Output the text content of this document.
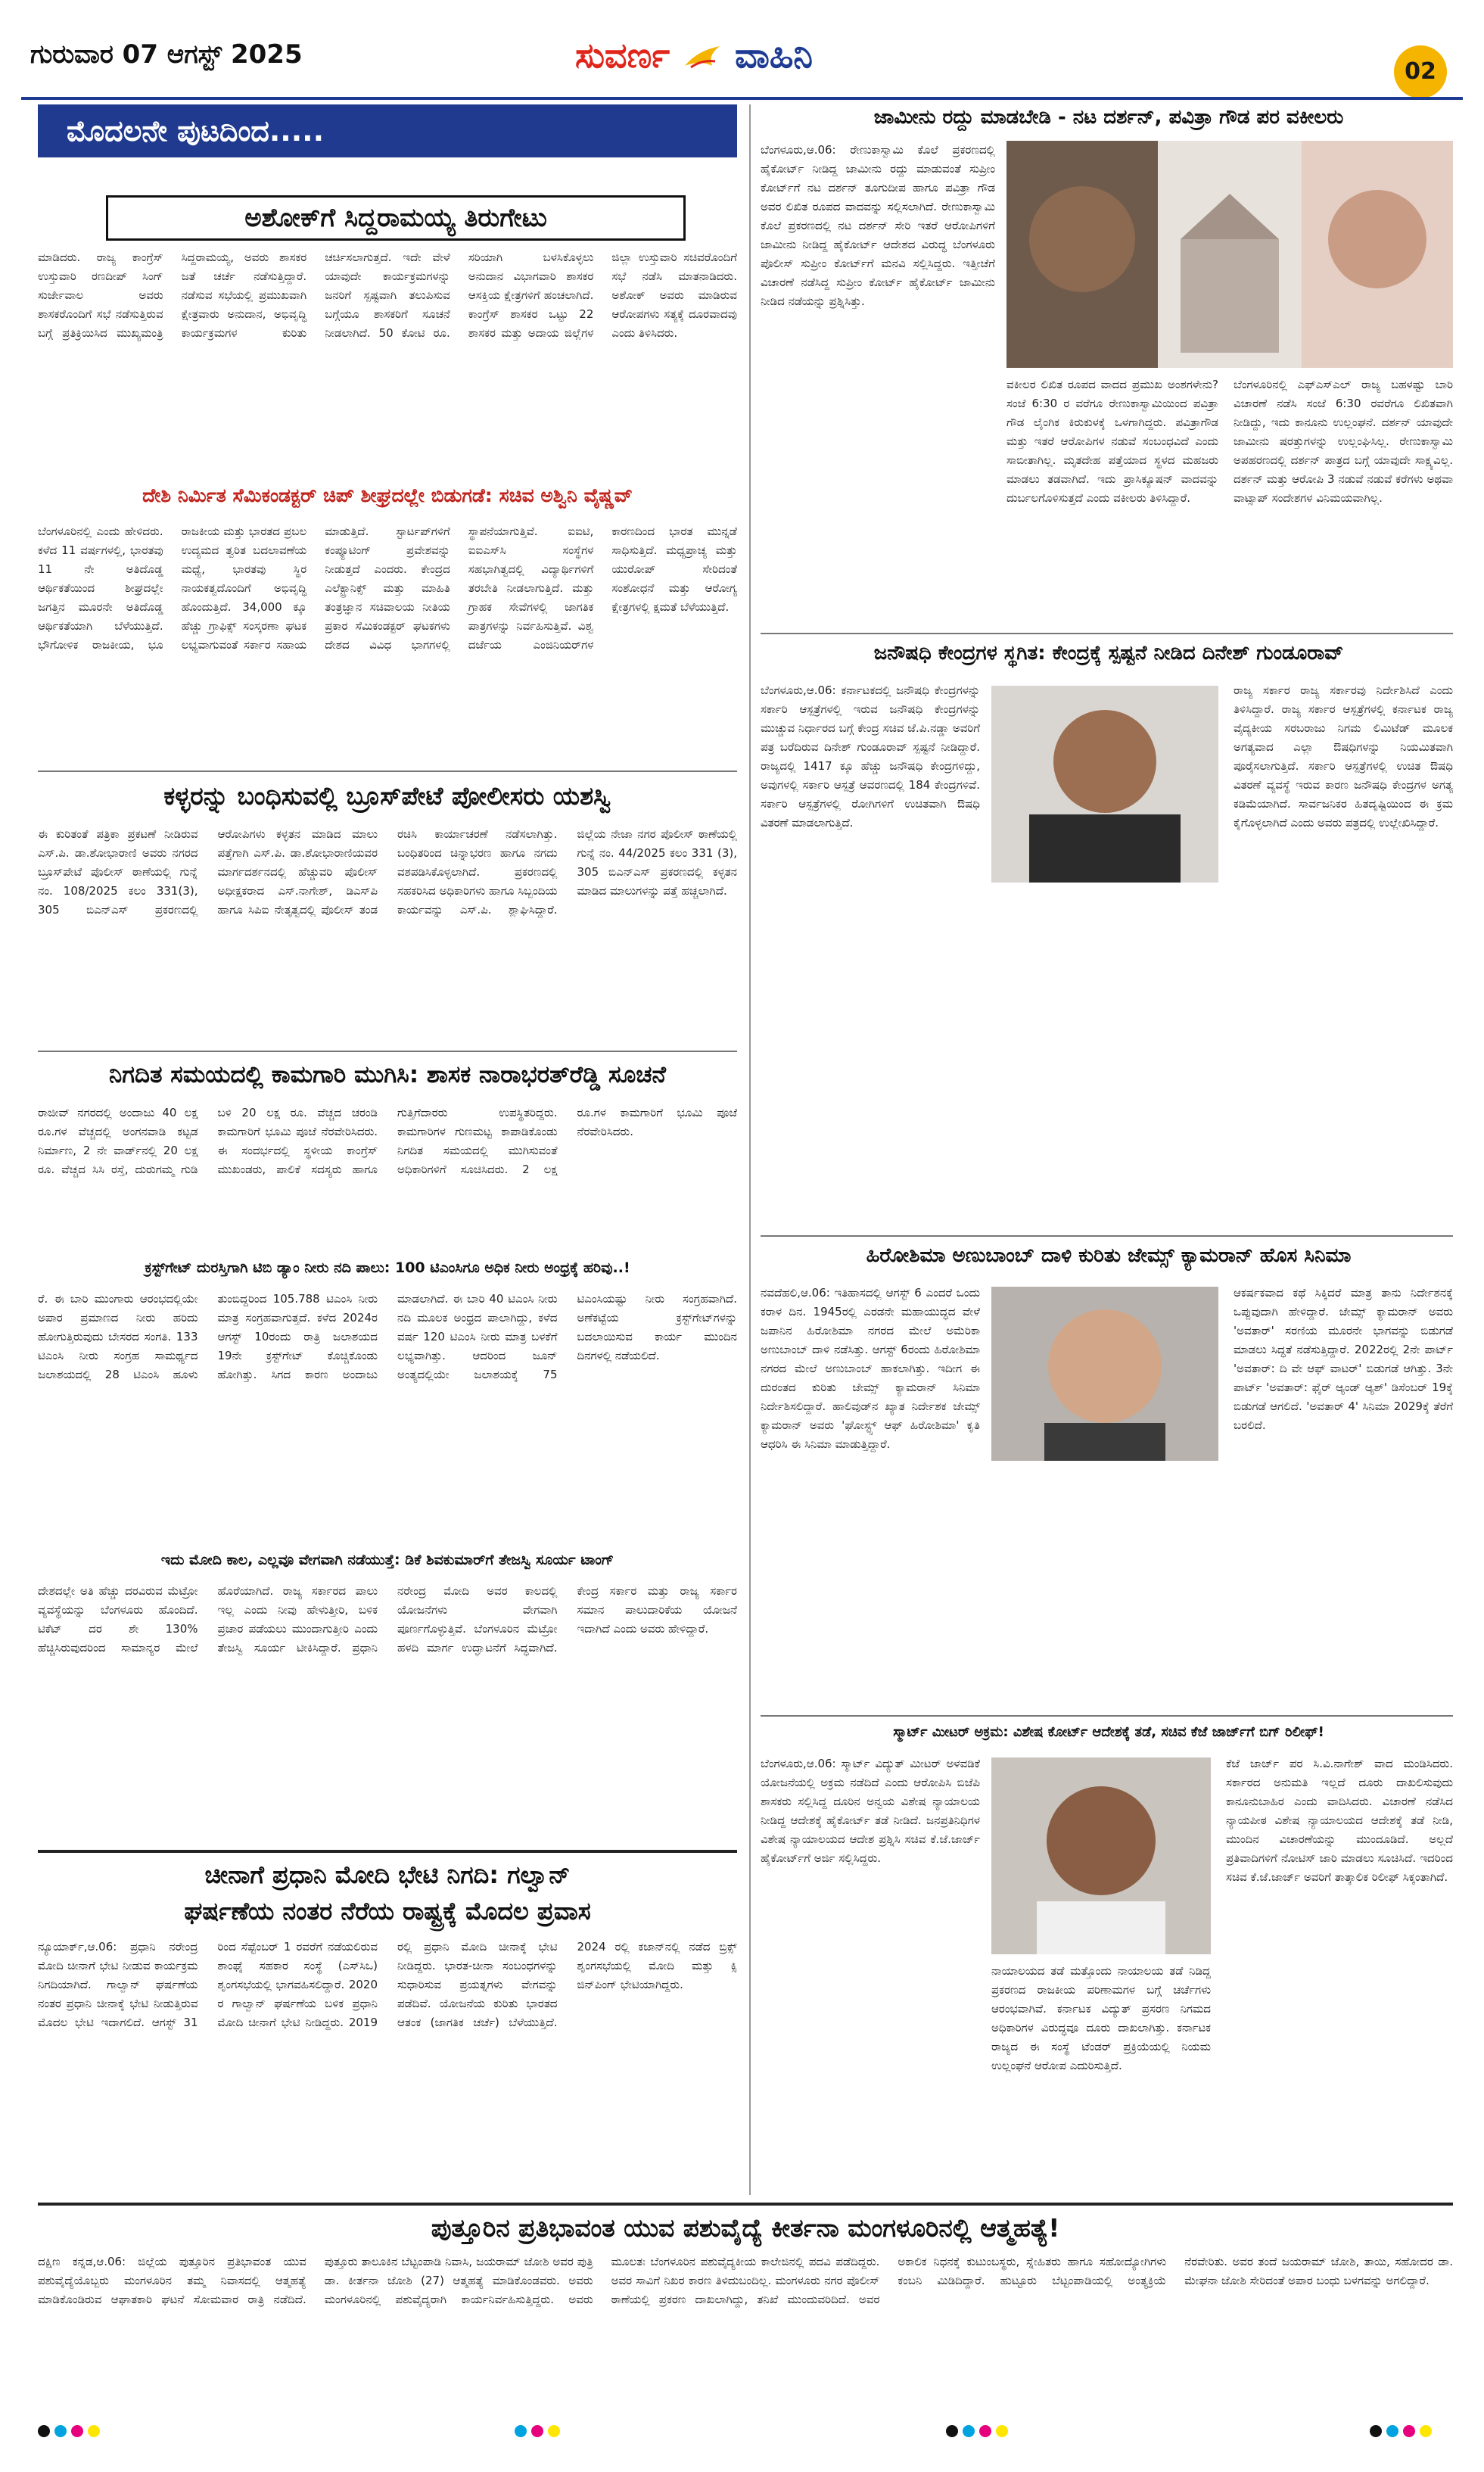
ಗುರುವಾರ 07 ಆಗಸ್ಟ್ 2025	ಸುವರ್ಣ ವಾಹಿನಿ	02
ಮೊದಲನೇ ಪುಟದಿಂದ.....
ಅಶೋಕ್‌ಗೆ ಸಿದ್ದರಾಮಯ್ಯ ತಿರುಗೇಟು
ಮಾಡಿದರು. ರಾಜ್ಯ ಕಾಂಗ್ರೆಸ್ ಉಸ್ತುವಾರಿ ರಣದೀಪ್ ಸಿಂಗ್ ಸುರ್ಜೇವಾಲ ಅವರು ಶಾಸಕರೊಂದಿಗೆ ಸಭೆ ನಡೆಸುತ್ತಿರುವ ಬಗ್ಗೆ ಪ್ರತಿಕ್ರಿಯಿಸಿದ ಮುಖ್ಯಮಂತ್ರಿ ಸಿದ್ದರಾಮಯ್ಯ, ಅವರು ಶಾಸಕರ ಜತೆ ಚರ್ಚೆ ನಡೆಸುತ್ತಿದ್ದಾರೆ. ನಡೆಸುವ ಸಭೆಯಲ್ಲಿ ಪ್ರಮುಖವಾಗಿ ಕ್ಷೇತ್ರವಾರು ಅನುದಾನ, ಅಭಿವೃದ್ಧಿ ಕಾರ್ಯಕ್ರಮಗಳ ಕುರಿತು ಚರ್ಚಿಸಲಾಗುತ್ತದೆ. ಇದೇ ವೇಳೆ ಯಾವುದೇ ಕಾರ್ಯಕ್ರಮಗಳನ್ನು ಜನರಿಗೆ ಸ್ಪಷ್ಟವಾಗಿ ತಲುಪಿಸುವ ಬಗ್ಗೆಯೂ ಶಾಸಕರಿಗೆ ಸೂಚನೆ ನೀಡಲಾಗಿದೆ. 50 ಕೋಟಿ ರೂ. ಸರಿಯಾಗಿ ಬಳಸಿಕೊಳ್ಳಲು ಅನುದಾನ ವಿಭಾಗವಾರಿ ಶಾಸಕರ ಆಸಕ್ತಿಯ ಕ್ಷೇತ್ರಗಳಿಗೆ ಹಂಚಲಾಗಿದೆ. ಕಾಂಗ್ರೆಸ್ ಶಾಸಕರ ಒಟ್ಟು 22 ಶಾಸಕರ ಮತ್ತು ಅದಾಯ ಜಿಲ್ಲೆಗಳ ಜಿಲ್ಲಾ ಉಸ್ತುವಾರಿ ಸಚಿವರೊಂದಿಗೆ ಸಭೆ ನಡೆಸಿ ಮಾತನಾಡಿದರು. ಅಶೋಕ್ ಅವರು ಮಾಡಿರುವ ಆರೋಪಗಳು ಸತ್ಯಕ್ಕೆ ದೂರವಾದವು ಎಂದು ತಿಳಿಸಿದರು.
ದೇಶಿ ನಿರ್ಮಿತ ಸೆಮಿಕಂಡಕ್ಟರ್ ಚಿಪ್ ಶೀಘ್ರದಲ್ಲೇ ಬಿಡುಗಡೆ: ಸಚಿವ ಅಶ್ವಿನಿ ವೈಷ್ಣವ್
ಬೆಂಗಳೂರಿನಲ್ಲಿ ಎಂದು ಹೇಳಿದರು. ಕಳೆದ 11 ವರ್ಷಗಳಲ್ಲಿ, ಭಾರತವು 11 ನೇ ಅತಿದೊಡ್ಡ ಆರ್ಥಿಕತೆಯಿಂದ ಶೀಘ್ರದಲ್ಲೇ ಜಗತ್ತಿನ ಮೂರನೇ ಅತಿದೊಡ್ಡ ಆರ್ಥಿಕತೆಯಾಗಿ ಬೆಳೆಯುತ್ತಿದೆ. ಭೌಗೋಳಿಕ ರಾಜಕೀಯ, ಭೂ ರಾಜಕೀಯ ಮತ್ತು ಭಾರತದ ಪ್ರಬಲ ಉದ್ಯಮದ ತ್ವರಿತ ಬದಲಾವಣೆಯ ಮಧ್ಯೆ, ಭಾರತವು ಸ್ಥಿರ ನಾಯಕತ್ವದೊಂದಿಗೆ ಅಭಿವೃದ್ಧಿ ಹೊಂದುತ್ತಿದೆ. 34,000 ಕ್ಕೂ ಹೆಚ್ಚು ಗ್ರಾಫಿಕ್ಸ್ ಸಂಸ್ಕರಣಾ ಘಟಕ ಲಭ್ಯವಾಗುವಂತೆ ಸರ್ಕಾರ ಸಹಾಯ ಮಾಡುತ್ತಿದೆ. ಸ್ಟಾರ್ಟಪ್‌ಗಳಿಗೆ ಕಂಪ್ಯೂಟಿಂಗ್ ಪ್ರವೇಶವನ್ನು ನೀಡುತ್ತದೆ ಎಂದರು. ಕೇಂದ್ರದ ಎಲೆಕ್ಟ್ರಾನಿಕ್ಸ್ ಮತ್ತು ಮಾಹಿತಿ ತಂತ್ರಜ್ಞಾನ ಸಚಿವಾಲಯ ನೀತಿಯ ಪ್ರಕಾರ ಸೆಮಿಕಂಡಕ್ಟರ್ ಘಟಕಗಳು ದೇಶದ ವಿವಿಧ ಭಾಗಗಳಲ್ಲಿ ಸ್ಥಾಪನೆಯಾಗುತ್ತಿವೆ. ಐಐಟಿ, ಐಐಎಸ್‌ಸಿ ಸಂಸ್ಥೆಗಳ ಸಹಭಾಗಿತ್ವದಲ್ಲಿ ವಿದ್ಯಾರ್ಥಿಗಳಿಗೆ ತರಬೇತಿ ನೀಡಲಾಗುತ್ತಿದೆ. ಮತ್ತು ಗ್ರಾಹಕ ಸೇವೆಗಳಲ್ಲಿ ಜಾಗತಿಕ ಪಾತ್ರಗಳನ್ನು ನಿರ್ವಹಿಸುತ್ತಿವೆ. ವಿಶ್ವ ದರ್ಜೆಯ ಎಂಜಿನಿಯರ್‌ಗಳ ಕಾರಣದಿಂದ ಭಾರತ ಮುನ್ನಡೆ ಸಾಧಿಸುತ್ತಿದೆ. ಮಧ್ಯಪ್ರಾಚ್ಯ ಮತ್ತು ಯುರೋಪ್ ಸೇರಿದಂತೆ ಸಂಶೋಧನೆ ಮತ್ತು ಆರೋಗ್ಯ ಕ್ಷೇತ್ರಗಳಲ್ಲಿ ಕ್ಷಮತೆ ಬೆಳೆಯುತ್ತಿದೆ.
ಕಳ್ಳರನ್ನು ಬಂಧಿಸುವಲ್ಲಿ ಬ್ರೂಸ್‌ಪೇಟೆ ಪೋಲೀಸರು ಯಶಸ್ವಿ
ಈ ಕುರಿತಂತೆ ಪತ್ರಿಕಾ ಪ್ರಕಟಣೆ ನೀಡಿರುವ ಎಸ್.ಪಿ. ಡಾ.ಶೋಭಾರಾಣಿ ಅವರು ನಗರದ ಬ್ರೂಸ್‌ಪೇಟೆ ಪೊಲೀಸ್ ಠಾಣೆಯಲ್ಲಿ ಗುನ್ನೆ ನಂ. 108/2025 ಕಲಂ 331(3), 305 ಬಿಎನ್ಎಸ್ ಪ್ರಕರಣದಲ್ಲಿ ಆರೋಪಿಗಳು ಕಳ್ಳತನ ಮಾಡಿದ ಮಾಲು ಪತ್ತೆಗಾಗಿ ಎಸ್.ಪಿ. ಡಾ.ಶೋಭಾರಾಣಿಯವರ ಮಾರ್ಗದರ್ಶನದಲ್ಲಿ ಹೆಚ್ಚುವರಿ ಪೊಲೀಸ್ ಅಧೀಕ್ಷಕರಾದ ಎಸ್.ನಾಗೇಶ್, ಡಿಎಸ್‌ಪಿ ಹಾಗೂ ಸಿಪಿಐ ನೇತೃತ್ವದಲ್ಲಿ ಪೊಲೀಸ್ ತಂಡ ರಚಿಸಿ ಕಾರ್ಯಾಚರಣೆ ನಡೆಸಲಾಗಿತ್ತು. ಬಂಧಿತರಿಂದ ಚಿನ್ನಾಭರಣ ಹಾಗೂ ನಗದು ವಶಪಡಿಸಿಕೊಳ್ಳಲಾಗಿದೆ. ಪ್ರಕರಣದಲ್ಲಿ ಸಹಕರಿಸಿದ ಅಧಿಕಾರಿಗಳು ಹಾಗೂ ಸಿಬ್ಬಂದಿಯ ಕಾರ್ಯವನ್ನು ಎಸ್.ಪಿ. ಶ್ಲಾಘಿಸಿದ್ದಾರೆ. ಜಿಲ್ಲೆಯ ನೇಜಾ ನಗರ ಪೊಲೀಸ್ ಠಾಣೆಯಲ್ಲಿ ಗುನ್ನೆ ನಂ. 44/2025 ಕಲಂ 331 (3), 305 ಬಿಎನ್ಎಸ್ ಪ್ರಕರಣದಲ್ಲಿ ಕಳ್ಳತನ ಮಾಡಿದ ಮಾಲುಗಳನ್ನು ಪತ್ತೆ ಹಚ್ಚಲಾಗಿದೆ.
ನಿಗದಿತ ಸಮಯದಲ್ಲಿ ಕಾಮಗಾರಿ ಮುಗಿಸಿ: ಶಾಸಕ ನಾರಾಭರತ್‌ರೆಡ್ಡಿ ಸೂಚನೆ
ರಾಜೀವ್ ನಗರದಲ್ಲಿ ಅಂದಾಜು 40 ಲಕ್ಷ ರೂ.ಗಳ ವೆಚ್ಚದಲ್ಲಿ ಅಂಗನವಾಡಿ ಕಟ್ಟಡ ನಿರ್ಮಾಣ, 2 ನೇ ವಾರ್ಡ್‌ನಲ್ಲಿ 20 ಲಕ್ಷ ರೂ. ವೆಚ್ಚದ ಸಿಸಿ ರಸ್ತೆ, ದುರುಗಮ್ಮ ಗುಡಿ ಬಳಿ 20 ಲಕ್ಷ ರೂ. ವೆಚ್ಚದ ಚರಂಡಿ ಕಾಮಗಾರಿಗೆ ಭೂಮಿ ಪೂಜೆ ನೆರವೇರಿಸಿದರು. ಈ ಸಂದರ್ಭದಲ್ಲಿ ಸ್ಥಳೀಯ ಕಾಂಗ್ರೆಸ್ ಮುಖಂಡರು, ಪಾಲಿಕೆ ಸದಸ್ಯರು ಹಾಗೂ ಗುತ್ತಿಗೆದಾರರು ಉಪಸ್ಥಿತರಿದ್ದರು. ಕಾಮಗಾರಿಗಳ ಗುಣಮಟ್ಟ ಕಾಪಾಡಿಕೊಂಡು ನಿಗದಿತ ಸಮಯದಲ್ಲಿ ಮುಗಿಸುವಂತೆ ಅಧಿಕಾರಿಗಳಿಗೆ ಸೂಚಿಸಿದರು. 2 ಲಕ್ಷ ರೂ.ಗಳ ಕಾಮಗಾರಿಗೆ ಭೂಮಿ ಪೂಜೆ ನೆರವೇರಿಸಿದರು.
ಕ್ರಸ್ಟ್‌ಗೇಟ್ ದುರಸ್ತಿಗಾಗಿ ಟಿಬಿ ಡ್ಯಾಂ ನೀರು ನದಿ ಪಾಲು: 100 ಟಿಎಂಸಿಗೂ ಅಧಿಕ ನೀರು ಅಂಧ್ರಕ್ಕೆ ಹರಿವು..!
ರೆ. ಈ ಬಾರಿ ಮುಂಗಾರು ಆರಂಭದಲ್ಲಿಯೇ ಅಪಾರ ಪ್ರಮಾಣದ ನೀರು ಹರಿದು ಹೋಗುತ್ತಿರುವುದು ಬೇಸರದ ಸಂಗತಿ. 133 ಟಿಎಂಸಿ ನೀರು ಸಂಗ್ರಹ ಸಾಮರ್ಥ್ಯದ ಜಲಾಶಯದಲ್ಲಿ 28 ಟಿಎಂಸಿ ಹೂಳು ತುಂಬಿದ್ದರಿಂದ 105.788 ಟಿಎಂಸಿ ನೀರು ಮಾತ್ರ ಸಂಗ್ರಹವಾಗುತ್ತದೆ. ಕಳೆದ 2024ರ ಆಗಸ್ಟ್ 10ರಂದು ರಾತ್ರಿ ಜಲಾಶಯದ 19ನೇ ಕ್ರಸ್ಟ್‌ಗೇಟ್ ಕೊಚ್ಚಿಕೊಂಡು ಹೋಗಿತ್ತು. ಸಿಗದ ಕಾರಣ ಅಂದಾಜು ಮಾಡಲಾಗಿದೆ. ಈ ಬಾರಿ 40 ಟಿಎಂಸಿ ನೀರು ನದಿ ಮೂಲಕ ಅಂಧ್ರದ ಪಾಲಾಗಿದ್ದು, ಕಳೆದ ವರ್ಷ 120 ಟಿಎಂಸಿ ನೀರು ಮಾತ್ರ ಬಳಕೆಗೆ ಲಭ್ಯವಾಗಿತ್ತು. ಆದರಿಂದ ಜೂನ್ ಅಂತ್ಯದಲ್ಲಿಯೇ ಜಲಾಶಯಕ್ಕೆ 75 ಟಿಎಂಸಿಯಷ್ಟು ನೀರು ಸಂಗ್ರಹವಾಗಿದೆ. ಅಣೆಕಟ್ಟೆಯ ಕ್ರಸ್ಟ್‌ಗೇಟ್‌ಗಳನ್ನು ಬದಲಾಯಿಸುವ ಕಾರ್ಯ ಮುಂದಿನ ದಿನಗಳಲ್ಲಿ ನಡೆಯಲಿದೆ.
ಇದು ಮೋದಿ ಕಾಲ, ಎಲ್ಲವೂ ವೇಗವಾಗಿ ನಡೆಯುತ್ತೆ: ಡಿಕೆ ಶಿವಕುಮಾರ್‌ಗೆ ತೇಜಸ್ವಿ ಸೂರ್ಯ ಟಾಂಗ್
ದೇಶದಲ್ಲೇ ಅತಿ ಹೆಚ್ಚು ದರವಿರುವ ಮೆಟ್ರೋ ವ್ಯವಸ್ಥೆಯನ್ನು ಬೆಂಗಳೂರು ಹೊಂದಿದೆ. ಟಿಕೆಟ್ ದರ ಶೇ 130% ಹೆಚ್ಚಿಸಿರುವುದರಿಂದ ಸಾಮಾನ್ಯರ ಮೇಲೆ ಹೊರೆಯಾಗಿದೆ. ರಾಜ್ಯ ಸರ್ಕಾರದ ಪಾಲು ಇಲ್ಲ ಎಂದು ನೀವು ಹೇಳುತ್ತೀರಿ, ಬಳಿಕ ಪ್ರಚಾರ ಪಡೆಯಲು ಮುಂದಾಗುತ್ತೀರಿ ಎಂದು ತೇಜಸ್ವಿ ಸೂರ್ಯ ಟೀಕಿಸಿದ್ದಾರೆ. ಪ್ರಧಾನಿ ನರೇಂದ್ರ ಮೋದಿ ಅವರ ಕಾಲದಲ್ಲಿ ಯೋಜನೆಗಳು ವೇಗವಾಗಿ ಪೂರ್ಣಗೊಳ್ಳುತ್ತಿವೆ. ಬೆಂಗಳೂರಿನ ಮೆಟ್ರೋ ಹಳದಿ ಮಾರ್ಗ ಉದ್ಘಾಟನೆಗೆ ಸಿದ್ಧವಾಗಿದೆ. ಕೇಂದ್ರ ಸರ್ಕಾರ ಮತ್ತು ರಾಜ್ಯ ಸರ್ಕಾರ ಸಮಾನ ಪಾಲುದಾರಿಕೆಯ ಯೋಜನೆ ಇದಾಗಿದೆ ಎಂದು ಅವರು ಹೇಳಿದ್ದಾರೆ.
ಚೀನಾಗೆ ಪ್ರಧಾನಿ ಮೋದಿ ಭೇಟಿ ನಿಗದಿ: ಗಲ್ವಾನ್
ಘರ್ಷಣೆಯ ನಂತರ ನೆರೆಯ ರಾಷ್ಟ್ರಕ್ಕೆ ಮೊದಲ ಪ್ರವಾಸ
ನ್ಯೂಯಾರ್ಕ್,ಆ.06: ಪ್ರಧಾನಿ ನರೇಂದ್ರ ಮೋದಿ ಚೀನಾಗೆ ಭೇಟಿ ನೀಡುವ ಕಾರ್ಯಕ್ರಮ ನಿಗದಿಯಾಗಿದೆ. ಗಾಲ್ವಾನ್ ಘರ್ಷಣೆಯ ನಂತರ ಪ್ರಧಾನಿ ಚೀನಾಕ್ಕೆ ಭೇಟಿ ನೀಡುತ್ತಿರುವ ಮೊದಲ ಭೇಟಿ ಇದಾಗಲಿದೆ. ಆಗಸ್ಟ್ 31 ರಿಂದ ಸೆಪ್ಟೆಂಬರ್ 1 ರವರೆಗೆ ನಡೆಯಲಿರುವ ಶಾಂಘೈ ಸಹಕಾರ ಸಂಸ್ಥೆ (ಎಸ್‌ಸಿಒ) ಶೃಂಗಸಭೆಯಲ್ಲಿ ಭಾಗವಹಿಸಲಿದ್ದಾರೆ. 2020 ರ ಗಾಲ್ವಾನ್ ಘರ್ಷಣೆಯ ಬಳಿಕ ಪ್ರಧಾನಿ ಮೋದಿ ಚೀನಾಗೆ ಭೇಟಿ ನೀಡಿದ್ದರು. 2019 ರಲ್ಲಿ ಪ್ರಧಾನಿ ಮೋದಿ ಚೀನಾಕ್ಕೆ ಭೇಟಿ ನೀಡಿದ್ದರು. ಭಾರತ-ಚೀನಾ ಸಂಬಂಧಗಳನ್ನು ಸುಧಾರಿಸುವ ಪ್ರಯತ್ನಗಳು ವೇಗವನ್ನು ಪಡೆದಿವೆ. ಯೋಜನೆಯ ಕುರಿತು ಭಾರತದ ಆತಂಕ (ಜಾಗತಿಕ ಚರ್ಚೆ) ಬೆಳೆಯುತ್ತಿದೆ. 2024 ರಲ್ಲಿ ಕಜಾನ್‌ನಲ್ಲಿ ನಡೆದ ಬ್ರಿಕ್ಸ್ ಶೃಂಗಸಭೆಯಲ್ಲಿ ಮೋದಿ ಮತ್ತು ಕ್ಸಿ ಜಿನ್‌ಪಿಂಗ್ ಭೇಟಿಯಾಗಿದ್ದರು.
ಜಾಮೀನು ರದ್ದು ಮಾಡಬೇಡಿ - ನಟ ದರ್ಶನ್, ಪವಿತ್ರಾ ಗೌಡ ಪರ ವಕೀಲರು
ಬೆಂಗಳೂರು,ಆ.06: ರೇಣುಕಾಸ್ವಾಮಿ ಕೊಲೆ ಪ್ರಕರಣದಲ್ಲಿ ಹೈಕೋರ್ಟ್ ನೀಡಿದ್ದ ಜಾಮೀನು ರದ್ದು ಮಾಡುವಂತೆ ಸುಪ್ರೀಂ ಕೋರ್ಟ್‌ಗೆ ನಟ ದರ್ಶನ್ ತೂಗುದೀಪ ಹಾಗೂ ಪವಿತ್ರಾ ಗೌಡ ಅವರ ಲಿಖಿತ ರೂಪದ ವಾದವನ್ನು ಸಲ್ಲಿಸಲಾಗಿದೆ. ರೇಣುಕಾಸ್ವಾಮಿ ಕೊಲೆ ಪ್ರಕರಣದಲ್ಲಿ ನಟ ದರ್ಶನ್ ಸೇರಿ ಇತರೆ ಆರೋಪಿಗಳಿಗೆ ಜಾಮೀನು ನೀಡಿದ್ದ ಹೈಕೋರ್ಟ್ ಆದೇಶದ ವಿರುದ್ಧ ಬೆಂಗಳೂರು ಪೊಲೀಸ್ ಸುಪ್ರೀಂ ಕೋರ್ಟ್‌ಗೆ ಮನವಿ ಸಲ್ಲಿಸಿದ್ದರು. ಇತ್ತೀಚೆಗೆ ವಿಚಾರಣೆ ನಡೆಸಿದ್ದ ಸುಪ್ರೀಂ ಕೋರ್ಟ್ ಹೈಕೋರ್ಟ್ ಜಾಮೀನು ನೀಡಿದ ನಡೆಯನ್ನು ಪ್ರಶ್ನಿಸಿತ್ತು.
ವಕೀಲರ ಲಿಖಿತ ರೂಪದ ವಾದದ ಪ್ರಮುಖ ಅಂಶಗಳೇನು? ಸಂಜೆ 6:30 ರ ವರೆಗೂ ರೇಣುಕಾಸ್ವಾಮಿಯಿಂದ ಪವಿತ್ರಾ ಗೌಡ ಲೈಂಗಿಕ ಕಿರುಕುಳಕ್ಕೆ ಒಳಗಾಗಿದ್ದರು. ಪವಿತ್ರಾಗೌಡ ಮತ್ತು ಇತರೆ ಆರೋಪಿಗಳ ನಡುವೆ ಸಂಬಂಧವಿದೆ ಎಂದು ಸಾಬೀತಾಗಿಲ್ಲ. ಮೃತದೇಹ ಪತ್ತೆಯಾದ ಸ್ಥಳದ ಮಹಜರು ಮಾಡಲು ತಡವಾಗಿದೆ. ಇದು ಪ್ರಾಸಿಕ್ಯೂಷನ್ ವಾದವನ್ನು ದುರ್ಬಲಗೊಳಿಸುತ್ತದೆ ಎಂದು ವಕೀಲರು ತಿಳಿಸಿದ್ದಾರೆ.
ಬೆಂಗಳೂರಿನಲ್ಲಿ ಎಫ್‌ಎಸ್‌ಎಲ್ ರಾಜ್ಯ ಬಹಳಷ್ಟು ಬಾರಿ ವಿಚಾರಣೆ ನಡೆಸಿ ಸಂಜೆ 6:30 ರವರೆಗೂ ಲಿಖಿತವಾಗಿ ನೀಡಿದ್ದು, ಇದು ಕಾನೂನು ಉಲ್ಲಂಘನೆ. ದರ್ಶನ್ ಯಾವುದೇ ಜಾಮೀನು ಷರತ್ತುಗಳನ್ನು ಉಲ್ಲಂಘಿಸಿಲ್ಲ. ರೇಣುಕಾಸ್ವಾಮಿ ಅಪಹರಣದಲ್ಲಿ ದರ್ಶನ್ ಪಾತ್ರದ ಬಗ್ಗೆ ಯಾವುದೇ ಸಾಕ್ಷ್ಯವಿಲ್ಲ. ದರ್ಶನ್ ಮತ್ತು ಆರೋಪಿ 3 ನಡುವೆ ನಡುವೆ ಕರೆಗಳು ಅಥವಾ ವಾಟ್ಸಾಪ್ ಸಂದೇಶಗಳ ವಿನಿಮಯವಾಗಿಲ್ಲ.
ಜನೌಷಧಿ ಕೇಂದ್ರಗಳ ಸ್ಥಗಿತ: ಕೇಂದ್ರಕ್ಕೆ ಸ್ಪಷ್ಟನೆ ನೀಡಿದ ದಿನೇಶ್ ಗುಂಡೂರಾವ್
ಬೆಂಗಳೂರು,ಆ.06: ಕರ್ನಾಟಕದಲ್ಲಿ ಜನೌಷಧಿ ಕೇಂದ್ರಗಳನ್ನು ಸರ್ಕಾರಿ ಆಸ್ಪತ್ರೆಗಳಲ್ಲಿ ಇರುವ ಜನೌಷಧಿ ಕೇಂದ್ರಗಳನ್ನು ಮುಚ್ಚುವ ನಿರ್ಧಾರದ ಬಗ್ಗೆ ಕೇಂದ್ರ ಸಚಿವ ಜೆ.ಪಿ.ನಡ್ಡಾ ಅವರಿಗೆ ಪತ್ರ ಬರೆದಿರುವ ದಿನೇಶ್ ಗುಂಡೂರಾವ್ ಸ್ಪಷ್ಟನೆ ನೀಡಿದ್ದಾರೆ. ರಾಜ್ಯದಲ್ಲಿ 1417 ಕ್ಕೂ ಹೆಚ್ಚು ಜನೌಷಧಿ ಕೇಂದ್ರಗಳಿದ್ದು, ಅವುಗಳಲ್ಲಿ ಸರ್ಕಾರಿ ಆಸ್ಪತ್ರೆ ಆವರಣದಲ್ಲಿ 184 ಕೇಂದ್ರಗಳಿವೆ. ಸರ್ಕಾರಿ ಆಸ್ಪತ್ರೆಗಳಲ್ಲಿ ರೋಗಿಗಳಿಗೆ ಉಚಿತವಾಗಿ ಔಷಧಿ ವಿತರಣೆ ಮಾಡಲಾಗುತ್ತಿದೆ.
ರಾಜ್ಯ ಸರ್ಕಾರ ರಾಜ್ಯ ಸರ್ಕಾರವು ನಿರ್ದೇಶಿಸಿದೆ ಎಂದು ತಿಳಿಸಿದ್ದಾರೆ. ರಾಜ್ಯ ಸರ್ಕಾರ ಆಸ್ಪತ್ರೆಗಳಲ್ಲಿ ಕರ್ನಾಟಕ ರಾಜ್ಯ ವೈದ್ಯಕೀಯ ಸರಬರಾಜು ನಿಗಮ ಲಿಮಿಟೆಡ್ ಮೂಲಕ ಅಗತ್ಯವಾದ ಎಲ್ಲಾ ಔಷಧಿಗಳನ್ನು ನಿಯಮಿತವಾಗಿ ಪೂರೈಸಲಾಗುತ್ತಿದೆ. ಸರ್ಕಾರಿ ಆಸ್ಪತ್ರೆಗಳಲ್ಲಿ ಉಚಿತ ಔಷಧಿ ವಿತರಣೆ ವ್ಯವಸ್ಥೆ ಇರುವ ಕಾರಣ ಜನೌಷಧಿ ಕೇಂದ್ರಗಳ ಅಗತ್ಯ ಕಡಿಮೆಯಾಗಿದೆ. ಸಾರ್ವಜನಿಕರ ಹಿತದೃಷ್ಟಿಯಿಂದ ಈ ಕ್ರಮ ಕೈಗೊಳ್ಳಲಾಗಿದೆ ಎಂದು ಅವರು ಪತ್ರದಲ್ಲಿ ಉಲ್ಲೇಖಿಸಿದ್ದಾರೆ.
ಹಿರೋಶಿಮಾ ಅಣುಬಾಂಬ್ ದಾಳಿ ಕುರಿತು ಜೇಮ್ಸ್ ಕ್ಯಾಮರಾನ್ ಹೊಸ ಸಿನಿಮಾ
ನವದೆಹಲಿ,ಆ.06: ಇತಿಹಾಸದಲ್ಲಿ ಆಗಸ್ಟ್ 6 ಎಂದರೆ ಒಂದು ಕರಾಳ ದಿನ. 1945ರಲ್ಲಿ ಎರಡನೇ ಮಹಾಯುದ್ಧದ ವೇಳೆ ಜಪಾನಿನ ಹಿರೋಶಿಮಾ ನಗರದ ಮೇಲೆ ಅಮೆರಿಕಾ ಅಣುಬಾಂಬ್ ದಾಳಿ ನಡೆಸಿತ್ತು. ಆಗಸ್ಟ್ 6ರಂದು ಹಿರೋಶಿಮಾ ನಗರದ ಮೇಲೆ ಅಣುಬಾಂಬ್ ಹಾಕಲಾಗಿತ್ತು. ಇದೀಗ ಈ ದುರಂತದ ಕುರಿತು ಜೇಮ್ಸ್ ಕ್ಯಾಮರಾನ್ ಸಿನಿಮಾ ನಿರ್ದೇಶಿಸಲಿದ್ದಾರೆ. ಹಾಲಿವುಡ್‌ನ ಖ್ಯಾತ ನಿರ್ದೇಶಕ ಜೇಮ್ಸ್ ಕ್ಯಾಮರಾನ್ ಅವರು 'ಘೋಸ್ಟ್ಸ್ ಆಫ್ ಹಿರೋಶಿಮಾ' ಕೃತಿ ಆಧರಿಸಿ ಈ ಸಿನಿಮಾ ಮಾಡುತ್ತಿದ್ದಾರೆ.
ಆಕರ್ಷಕವಾದ ಕಥೆ ಸಿಕ್ಕಿದರೆ ಮಾತ್ರ ತಾನು ನಿರ್ದೇಶನಕ್ಕೆ ಒಪ್ಪುವುದಾಗಿ ಹೇಳಿದ್ದಾರೆ. ಜೇಮ್ಸ್ ಕ್ಯಾಮರಾನ್ ಅವರು 'ಅವತಾರ್' ಸರಣಿಯ ಮೂರನೇ ಭಾಗವನ್ನು ಬಿಡುಗಡೆ ಮಾಡಲು ಸಿದ್ಧತೆ ನಡೆಸುತ್ತಿದ್ದಾರೆ. 2022ರಲ್ಲಿ 2ನೇ ಪಾರ್ಟ್ 'ಅವತಾರ್: ದಿ ವೇ ಆಫ್ ವಾಟರ್' ಬಿಡುಗಡೆ ಆಗಿತ್ತು. 3ನೇ ಪಾರ್ಟ್ 'ಅವತಾರ್: ಫೈರ್ ಆ್ಯಂಡ್ ಆ್ಯಶ್' ಡಿಸೆಂಬರ್ 19ಕ್ಕೆ ಬಿಡುಗಡೆ ಆಗಲಿದೆ. 'ಅವತಾರ್ 4' ಸಿನಿಮಾ 2029ಕ್ಕೆ ತೆರೆಗೆ ಬರಲಿದೆ.
ಸ್ಮಾರ್ಟ್ ಮೀಟರ್ ಅಕ್ರಮ: ವಿಶೇಷ ಕೋರ್ಟ್ ಆದೇಶಕ್ಕೆ ತಡೆ, ಸಚಿವ ಕೆಜೆ ಜಾರ್ಜ್‌ಗೆ ಬಿಗ್ ರಿಲೀಫ್!
ಬೆಂಗಳೂರು,ಆ.06: ಸ್ಮಾರ್ಟ್ ವಿದ್ಯುತ್ ಮೀಟರ್ ಅಳವಡಿಕೆ ಯೋಜನೆಯಲ್ಲಿ ಅಕ್ರಮ ನಡೆದಿದೆ ಎಂದು ಆರೋಪಿಸಿ ಬಿಜೆಪಿ ಶಾಸಕರು ಸಲ್ಲಿಸಿದ್ದ ದೂರಿನ ಅನ್ವಯ ವಿಶೇಷ ನ್ಯಾಯಾಲಯ ನೀಡಿದ್ದ ಆದೇಶಕ್ಕೆ ಹೈಕೋರ್ಟ್ ತಡೆ ನೀಡಿದೆ. ಜನಪ್ರತಿನಿಧಿಗಳ ವಿಶೇಷ ನ್ಯಾಯಾಲಯದ ಆದೇಶ ಪ್ರಶ್ನಿಸಿ ಸಚಿವ ಕೆ.ಜೆ.ಜಾರ್ಜ್ ಹೈಕೋರ್ಟ್‌ಗೆ ಅರ್ಜಿ ಸಲ್ಲಿಸಿದ್ದರು.
ನಾಯಾಲಯದ ತಡೆ ಮತ್ತೊಂದು ನಾಯಾಲಯ ತಡೆ ನಿಡಿದ್ದ ಪ್ರಕರಣದ ರಾಜಕೀಯ ಪರಿಣಾಮಗಳ ಬಗ್ಗೆ ಚರ್ಚೆಗಳು ಆರಂಭವಾಗಿವೆ. ಕರ್ನಾಟಕ ವಿದ್ಯುತ್ ಪ್ರಸರಣ ನಿಗಮದ ಅಧಿಕಾರಿಗಳ ವಿರುದ್ಧವೂ ದೂರು ದಾಖಲಾಗಿತ್ತು. ಕರ್ನಾಟಕ ರಾಜ್ಯದ ಈ ಸಂಸ್ಥೆ ಟೆಂಡರ್ ಪ್ರಕ್ರಿಯೆಯಲ್ಲಿ ನಿಯಮ ಉಲ್ಲಂಘನೆ ಆರೋಪ ಎದುರಿಸುತ್ತಿದೆ.
ಕೆಜೆ ಜಾರ್ಜ್ ಪರ ಸಿ.ವಿ.ನಾಗೇಶ್ ವಾದ ಮಂಡಿಸಿದರು. ಸರ್ಕಾರದ ಅನುಮತಿ ಇಲ್ಲದೆ ದೂರು ದಾಖಲಿಸುವುದು ಕಾನೂನುಬಾಹಿರ ಎಂದು ವಾದಿಸಿದರು. ವಿಚಾರಣೆ ನಡೆಸಿದ ನ್ಯಾಯಪೀಠ ವಿಶೇಷ ನ್ಯಾಯಾಲಯದ ಆದೇಶಕ್ಕೆ ತಡೆ ನೀಡಿ, ಮುಂದಿನ ವಿಚಾರಣೆಯನ್ನು ಮುಂದೂಡಿದೆ. ಅಲ್ಲದೆ ಪ್ರತಿವಾದಿಗಳಿಗೆ ನೋಟಿಸ್ ಜಾರಿ ಮಾಡಲು ಸೂಚಿಸಿದೆ. ಇದರಿಂದ ಸಚಿವ ಕೆ.ಜೆ.ಜಾರ್ಜ್ ಅವರಿಗೆ ತಾತ್ಕಾಲಿಕ ರಿಲೀಫ್ ಸಿಕ್ಕಂತಾಗಿದೆ.
ಪುತ್ತೂರಿನ ಪ್ರತಿಭಾವಂತ ಯುವ ಪಶುವೈದ್ಯೆ ಕೀರ್ತನಾ ಮಂಗಳೂರಿನಲ್ಲಿ ಆತ್ಮಹತ್ಯೆ!
ದಕ್ಷಿಣ ಕನ್ನಡ,ಆ.06: ಜಿಲ್ಲೆಯ ಪುತ್ತೂರಿನ ಪ್ರತಿಭಾವಂತ ಯುವ ಪಶುವೈದ್ಯೆಯೊಬ್ಬರು ಮಂಗಳೂರಿನ ತಮ್ಮ ನಿವಾಸದಲ್ಲಿ ಆತ್ಮಹತ್ಯೆ ಮಾಡಿಕೊಂಡಿರುವ ಆಘಾತಕಾರಿ ಘಟನೆ ಸೋಮವಾರ ರಾತ್ರಿ ನಡೆದಿದೆ. ಪುತ್ತೂರು ತಾಲೂಕಿನ ಬೆಟ್ಟಂಪಾಡಿ ನಿವಾಸಿ, ಜಯರಾಮ್ ಜೋಶಿ ಅವರ ಪುತ್ರಿ ಡಾ. ಕೀರ್ತನಾ ಜೋಶಿ (27) ಆತ್ಮಹತ್ಯೆ ಮಾಡಿಕೊಂಡವರು. ಅವರು ಮಂಗಳೂರಿನಲ್ಲಿ ಪಶುವೈದ್ಯರಾಗಿ ಕಾರ್ಯನಿರ್ವಹಿಸುತ್ತಿದ್ದರು. ಅವರು ಮೂಲತಃ ಬೆಂಗಳೂರಿನ ಪಶುವೈದ್ಯಕೀಯ ಕಾಲೇಜಿನಲ್ಲಿ ಪದವಿ ಪಡೆದಿದ್ದರು. ಅವರ ಸಾವಿಗೆ ನಿಖರ ಕಾರಣ ತಿಳಿದುಬಂದಿಲ್ಲ. ಮಂಗಳೂರು ನಗರ ಪೊಲೀಸ್ ಠಾಣೆಯಲ್ಲಿ ಪ್ರಕರಣ ದಾಖಲಾಗಿದ್ದು, ತನಿಖೆ ಮುಂದುವರಿದಿದೆ. ಅವರ ಅಕಾಲಿಕ ನಿಧನಕ್ಕೆ ಕುಟುಂಬಸ್ಥರು, ಸ್ನೇಹಿತರು ಹಾಗೂ ಸಹೋದ್ಯೋಗಿಗಳು ಕಂಬನಿ ಮಿಡಿದಿದ್ದಾರೆ. ಹುಟ್ಟೂರು ಬೆಟ್ಟಂಪಾಡಿಯಲ್ಲಿ ಅಂತ್ಯಕ್ರಿಯೆ ನೆರವೇರಿತು. ಅವರ ತಂದೆ ಜಯರಾಮ್ ಜೋಶಿ, ತಾಯಿ, ಸಹೋದರ ಡಾ. ಮೇಘನಾ ಜೋಶಿ ಸೇರಿದಂತೆ ಅಪಾರ ಬಂಧು ಬಳಗವನ್ನು ಅಗಲಿದ್ದಾರೆ.
